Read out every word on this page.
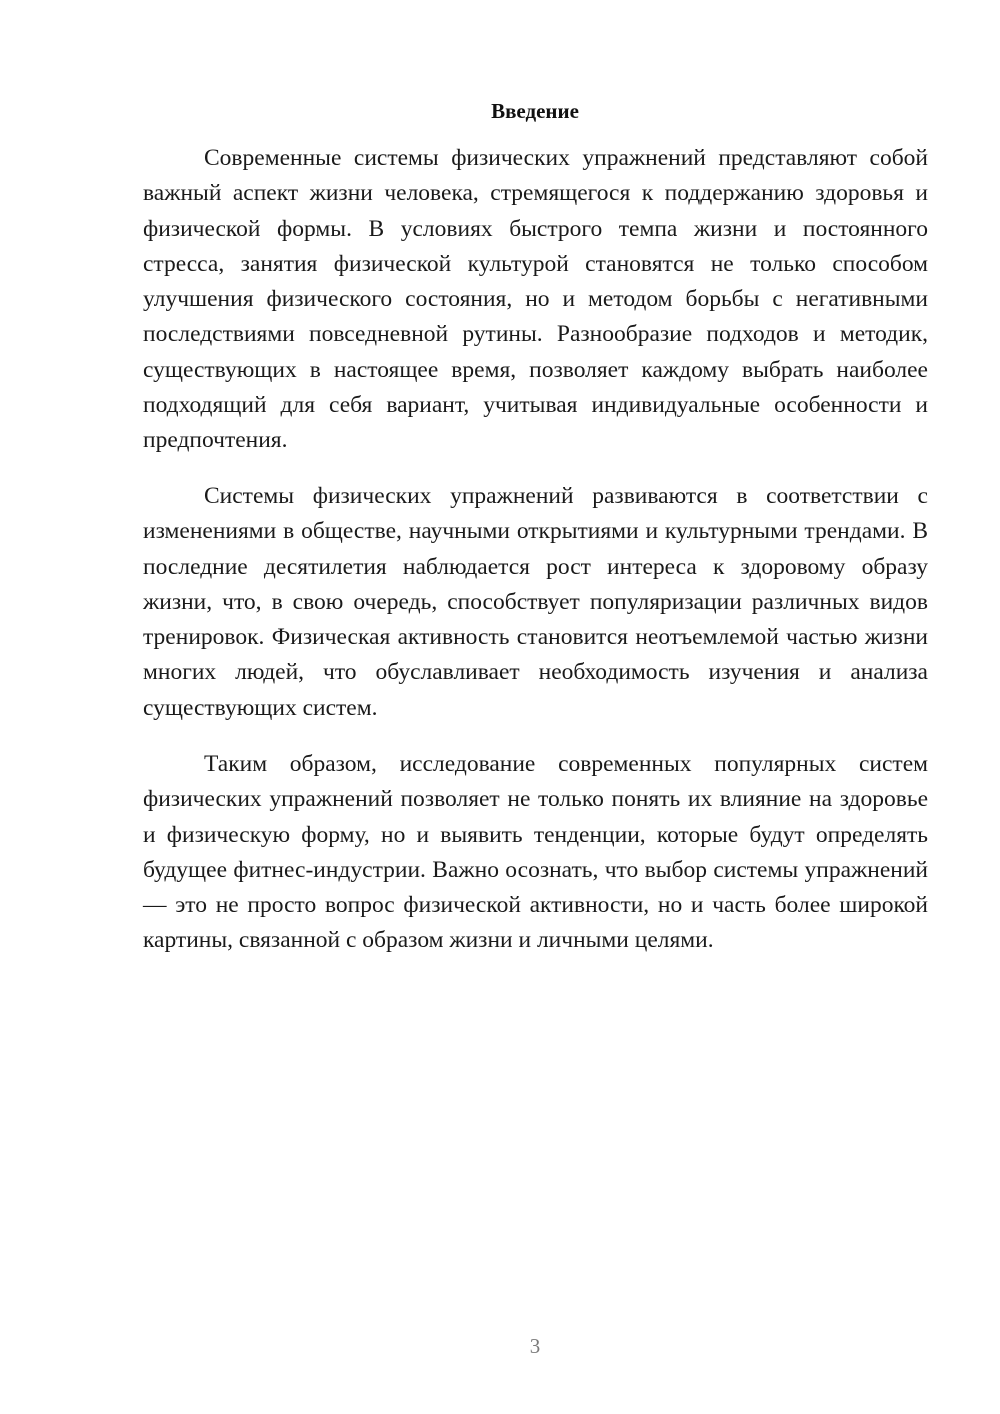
Введение

Современные системы физических упражнений представляют собой важный аспект жизни человека, стремящегося к поддержанию здоровья и физической формы. В условиях быстрого темпа жизни и постоянного стресса, занятия физической культурой становятся не только способом улучшения физического состояния, но и методом борьбы с негативными последствиями повседневной рутины. Разнообразие подходов и методик, существующих в настоящее время, позволяет каждому выбрать наиболее подходящий для себя вариант, учитывая индивидуальные особенности и предпочтения.

Системы физических упражнений развиваются в соответствии с изменениями в обществе, научными открытиями и культурными трендами. В последние десятилетия наблюдается рост интереса к здоровому образу жизни, что, в свою очередь, способствует популяризации различных видов тренировок. Физическая активность становится неотъемлемой частью жизни многих людей, что обуславливает необходимость изучения и анализа существующих систем.

Таким образом, исследование современных популярных систем физических упражнений позволяет не только понять их влияние на здоровье и физическую форму, но и выявить тенденции, которые будут определять будущее фитнес-индустрии. Важно осознать, что выбор системы упражнений — это не просто вопрос физической активности, но и часть более широкой картины, связанной с образом жизни и личными целями.

3
